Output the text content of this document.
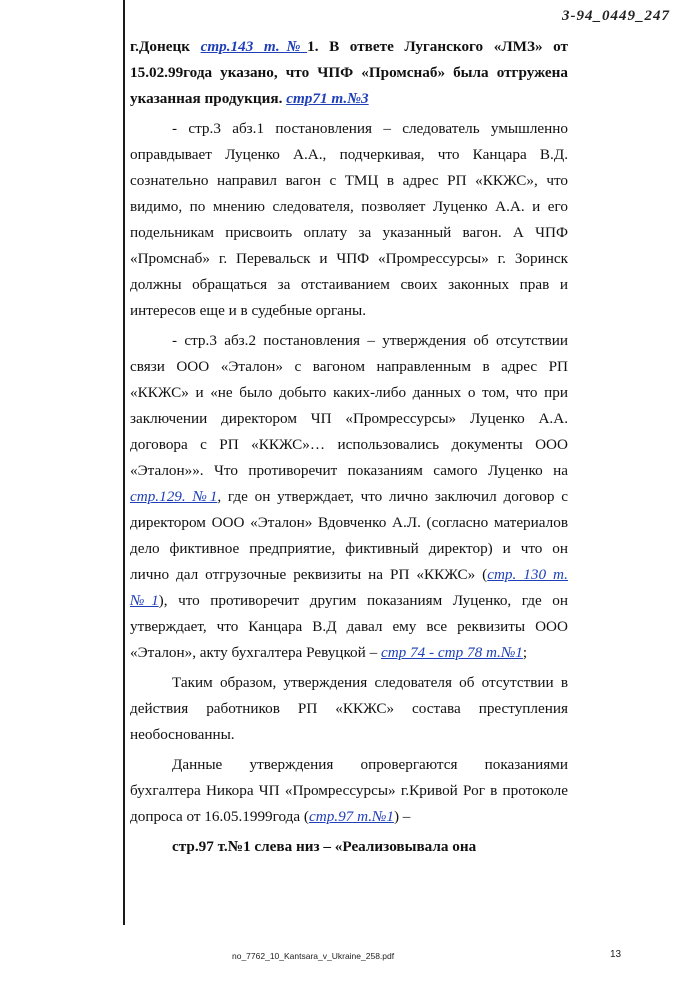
3-94_0449_247

г.Донецк стр.143 т.№1. В ответе Луганского «ЛМЗ» от 15.02.99года указано, что ЧПФ «Промснаб» была отгружена указанная продукция. стр71 т.№3

- стр.3 абз.1 постановления – следователь умышленно оправдывает Луценко А.А., подчеркивая, что Канцара В.Д. сознательно направил вагон с ТМЦ в адрес РП «ККЖС», что видимо, по мнению следователя, позволяет Луценко А.А. и его подельникам присвоить оплату за указанный вагон. А ЧПФ «Промснаб» г. Перевальск и ЧПФ «Промрессурсы» г. Зоринск должны обращаться за отстаиванием своих законных прав и интересов еще и в судебные органы.

- стр.3 абз.2 постановления – утверждения об отсутствии связи ООО «Эталон» с вагоном направленным в адрес РП «ККЖС» и «не было добыто каких-либо данных о том, что при заключении директором ЧП «Промрессурсы» Луценко А.А. договора с РП «ККЖС»… использовались документы ООО «Эталон»». Что противоречит показаниям самого Луценко на стр.129. №1, где он утверждает, что лично заключил договор с директором ООО «Эталон» Вдовченко А.Л. (согласно материалов дело фиктивное предприятие, фиктивный директор) и что он лично дал отгрузочные реквизиты на РП «ККЖС» (стр. 130 т.№1), что противоречит другим показаниям Луценко, где он утверждает, что Канцара В.Д давал ему все реквизиты ООО «Эталон», акту бухгалтера Ревуцкой – стр 74 - стр 78 т.№1;

Таким образом, утверждения следователя об отсутствии в действия работников РП «ККЖС» состава преступления необоснованны.

Данные утверждения опровергаются показаниями бухгалтера Никора ЧП «Промрессурсы» г.Кривой Рог в протоколе допроса от 16.05.1999года (стр.97 т.№1) –

стр.97 т.№1 слева низ – «Реализовывала она

no_7762_10_Kantsara_v_Ukraine_258.pdf	13
